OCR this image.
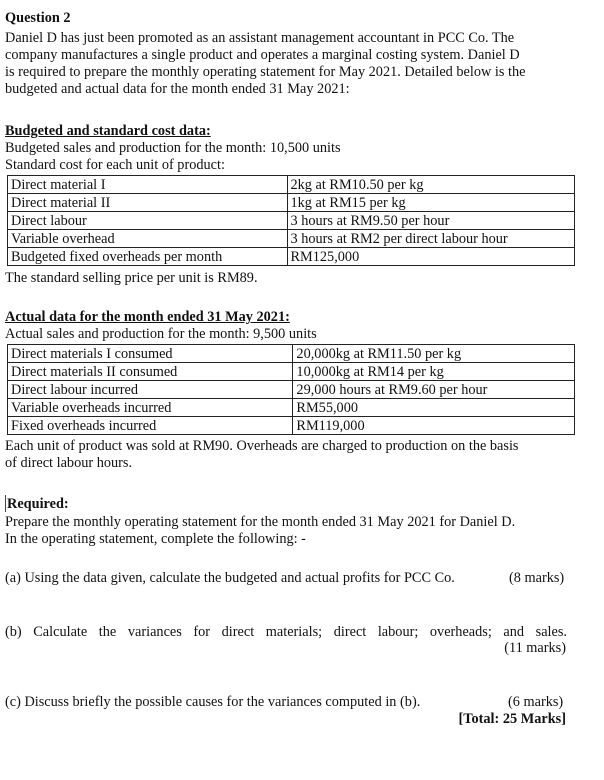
Question 2
Daniel D has just been promoted as an assistant management accountant in PCC Co. The
company manufactures a single product and operates a marginal costing system. Daniel D
is required to prepare the monthly operating statement for May 2021. Detailed below is the
budgeted and actual data for the month ended 31 May 2021:
Budgeted and standard cost data:
Budgeted sales and production for the month: 10,500 units
Standard cost for each unit of product:
Direct material I	2kg at RM10.50 per kg
Direct material II	1kg at RM15 per kg
Direct labour	3 hours at RM9.50 per hour
Variable overhead	3 hours at RM2 per direct labour hour
Budgeted fixed overheads per month	RM125,000
The standard selling price per unit is RM89.
Actual data for the month ended 31 May 2021:
Actual sales and production for the month: 9,500 units
Direct materials I consumed	20,000kg at RM11.50 per kg
Direct materials II consumed	10,000kg at RM14 per kg
Direct labour incurred	29,000 hours at RM9.60 per hour
Variable overheads incurred	RM55,000
Fixed overheads incurred	RM119,000
Each unit of product was sold at RM90. Overheads are charged to production on the basis
of direct labour hours.
Required:
Prepare the monthly operating statement for the month ended 31 May 2021 for Daniel D.
In the operating statement, complete the following: -
(a) Using the data given, calculate the budgeted and actual profits for PCC Co.	(8 marks)
(b) Calculate the variances for direct materials; direct labour; overheads; and sales.
(11 marks)
(c) Discuss briefly the possible causes for the variances computed in (b).	(6 marks)
[Total: 25 Marks]
